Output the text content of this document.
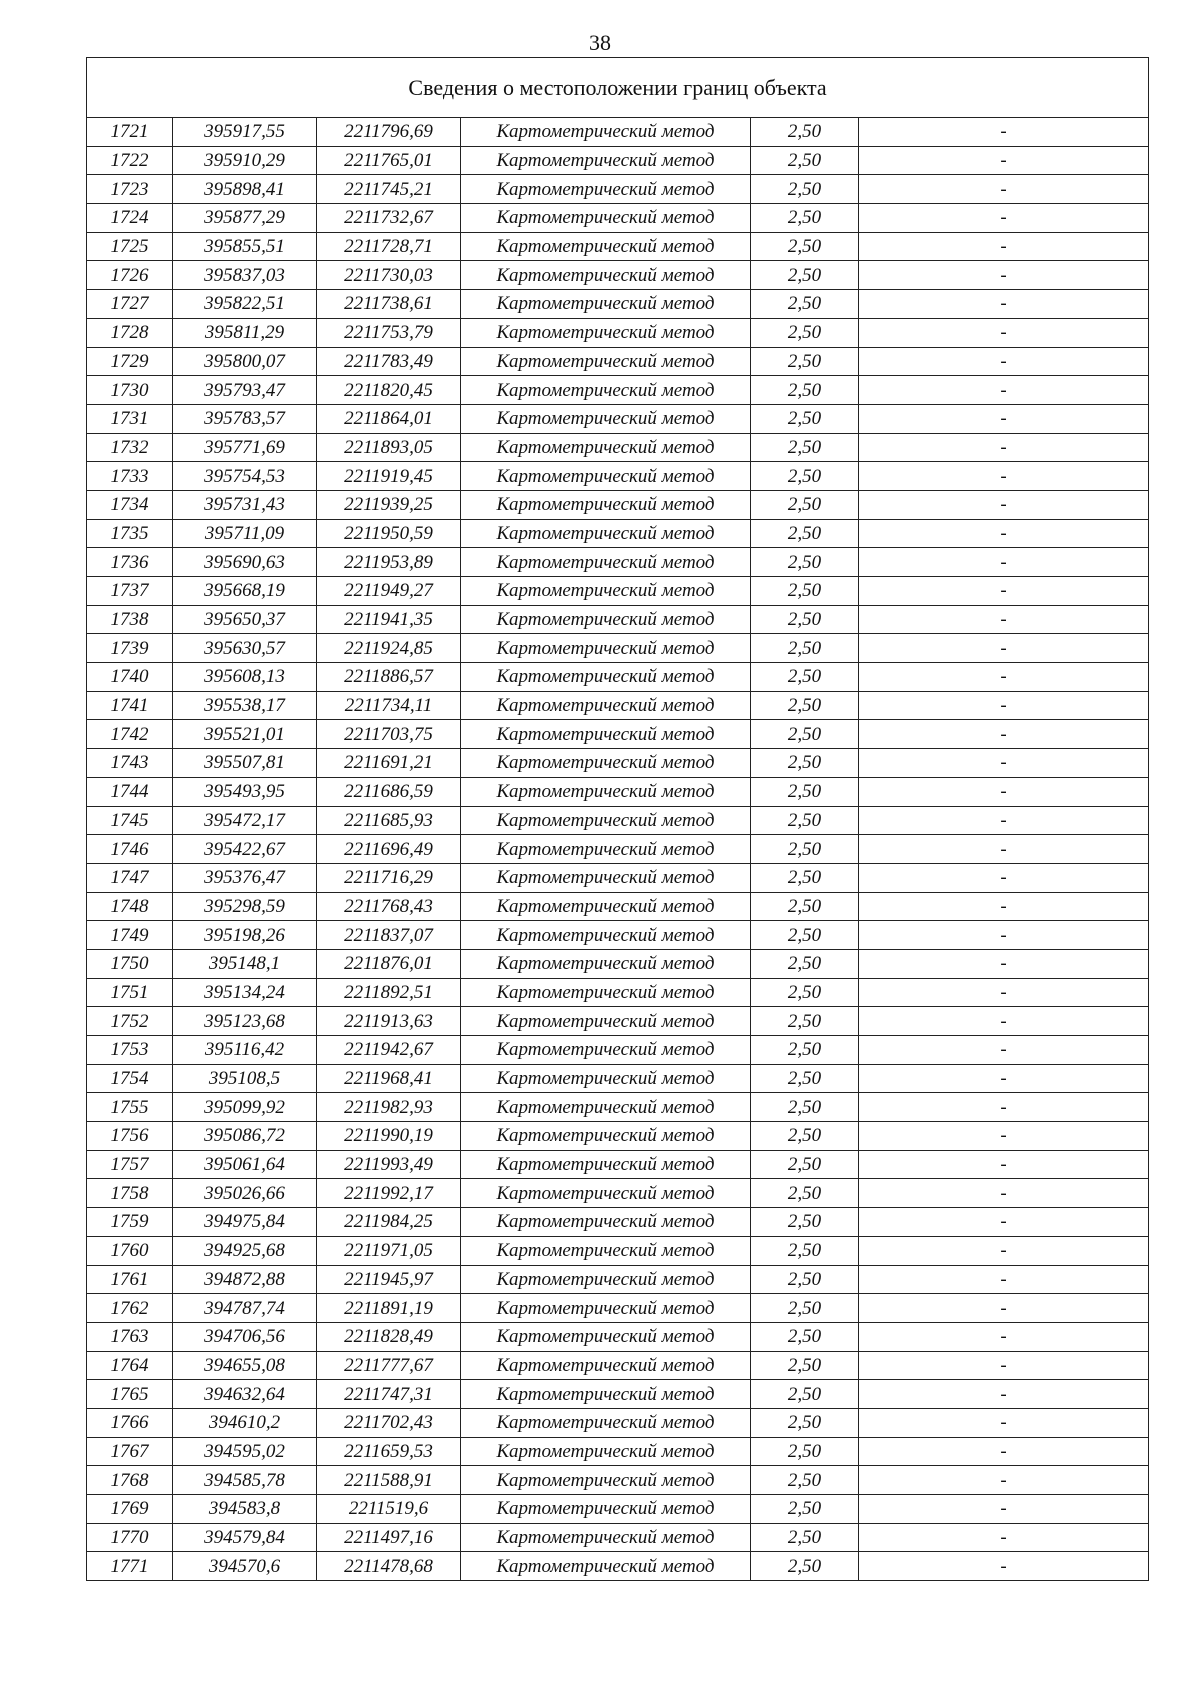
38
Сведения о местоположении границ объекта					
1721	395917,55	2211796,69	Картометрический метод	2,50	-
1722	395910,29	2211765,01	Картометрический метод	2,50	-
1723	395898,41	2211745,21	Картометрический метод	2,50	-
1724	395877,29	2211732,67	Картометрический метод	2,50	-
1725	395855,51	2211728,71	Картометрический метод	2,50	-
1726	395837,03	2211730,03	Картометрический метод	2,50	-
1727	395822,51	2211738,61	Картометрический метод	2,50	-
1728	395811,29	2211753,79	Картометрический метод	2,50	-
1729	395800,07	2211783,49	Картометрический метод	2,50	-
1730	395793,47	2211820,45	Картометрический метод	2,50	-
1731	395783,57	2211864,01	Картометрический метод	2,50	-
1732	395771,69	2211893,05	Картометрический метод	2,50	-
1733	395754,53	2211919,45	Картометрический метод	2,50	-
1734	395731,43	2211939,25	Картометрический метод	2,50	-
1735	395711,09	2211950,59	Картометрический метод	2,50	-
1736	395690,63	2211953,89	Картометрический метод	2,50	-
1737	395668,19	2211949,27	Картометрический метод	2,50	-
1738	395650,37	2211941,35	Картометрический метод	2,50	-
1739	395630,57	2211924,85	Картометрический метод	2,50	-
1740	395608,13	2211886,57	Картометрический метод	2,50	-
1741	395538,17	2211734,11	Картометрический метод	2,50	-
1742	395521,01	2211703,75	Картометрический метод	2,50	-
1743	395507,81	2211691,21	Картометрический метод	2,50	-
1744	395493,95	2211686,59	Картометрический метод	2,50	-
1745	395472,17	2211685,93	Картометрический метод	2,50	-
1746	395422,67	2211696,49	Картометрический метод	2,50	-
1747	395376,47	2211716,29	Картометрический метод	2,50	-
1748	395298,59	2211768,43	Картометрический метод	2,50	-
1749	395198,26	2211837,07	Картометрический метод	2,50	-
1750	395148,1	2211876,01	Картометрический метод	2,50	-
1751	395134,24	2211892,51	Картометрический метод	2,50	-
1752	395123,68	2211913,63	Картометрический метод	2,50	-
1753	395116,42	2211942,67	Картометрический метод	2,50	-
1754	395108,5	2211968,41	Картометрический метод	2,50	-
1755	395099,92	2211982,93	Картометрический метод	2,50	-
1756	395086,72	2211990,19	Картометрический метод	2,50	-
1757	395061,64	2211993,49	Картометрический метод	2,50	-
1758	395026,66	2211992,17	Картометрический метод	2,50	-
1759	394975,84	2211984,25	Картометрический метод	2,50	-
1760	394925,68	2211971,05	Картометрический метод	2,50	-
1761	394872,88	2211945,97	Картометрический метод	2,50	-
1762	394787,74	2211891,19	Картометрический метод	2,50	-
1763	394706,56	2211828,49	Картометрический метод	2,50	-
1764	394655,08	2211777,67	Картометрический метод	2,50	-
1765	394632,64	2211747,31	Картометрический метод	2,50	-
1766	394610,2	2211702,43	Картометрический метод	2,50	-
1767	394595,02	2211659,53	Картометрический метод	2,50	-
1768	394585,78	2211588,91	Картометрический метод	2,50	-
1769	394583,8	2211519,6	Картометрический метод	2,50	-
1770	394579,84	2211497,16	Картометрический метод	2,50	-
1771	394570,6	2211478,68	Картометрический метод	2,50	-
